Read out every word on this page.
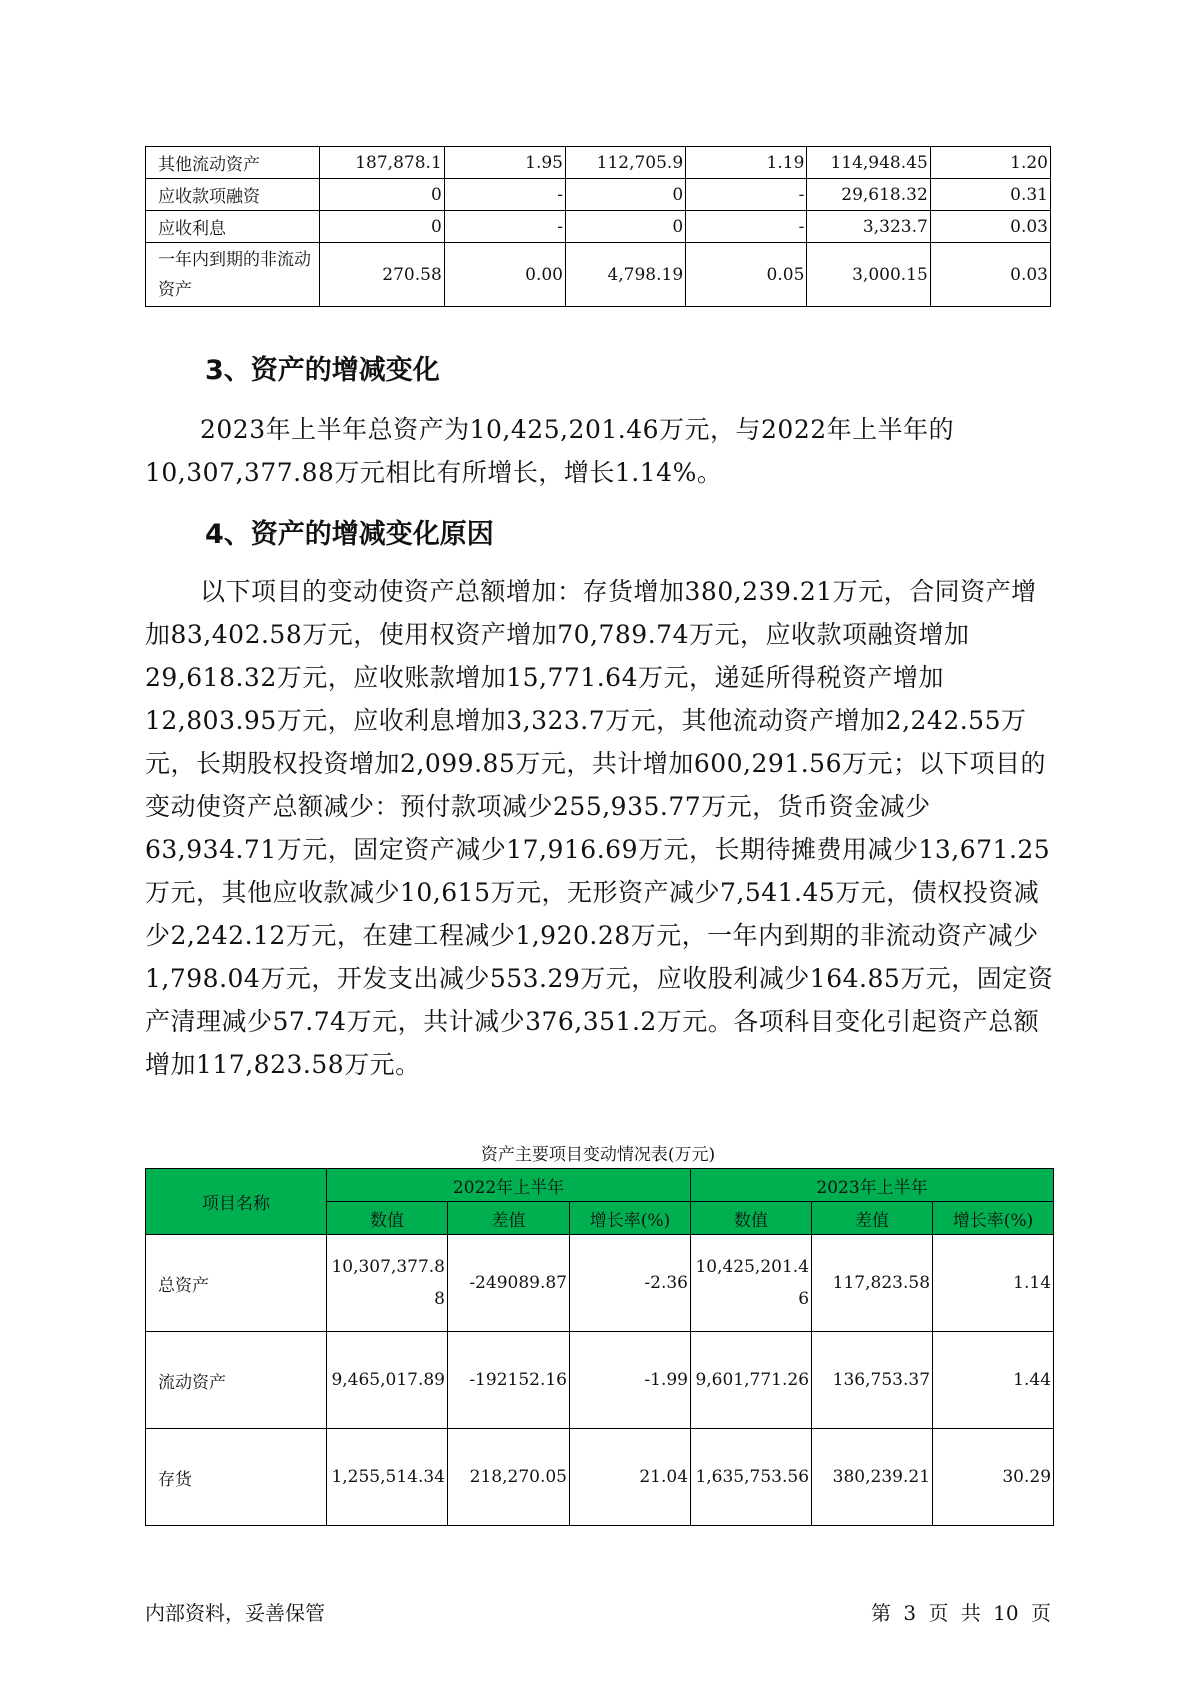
其他流动资产	187,878.1	1.95	112,705.9	1.19	114,948.45	1.20
应收款项融资	0	-	0	-	29,618.32	0.31
应收利息	0	-	0	-	3,323.7	0.03
一年内到期的非流动资产	270.58	0.00	4,798.19	0.05	3,000.15	0.03
3、资产的增减变化

2023年上半年总资产为10,425,201.46万元，与2022年上半年的10,307,377.88万元相比有所增长，增长1.14%。

4、资产的增减变化原因

以下项目的变动使资产总额增加：存货增加380,239.21万元，合同资产增加83,402.58万元，使用权资产增加70,789.74万元，应收款项融资增加29,618.32万元，应收账款增加15,771.64万元，递延所得税资产增加12,803.95万元，应收利息增加3,323.7万元，其他流动资产增加2,242.55万元，长期股权投资增加2,099.85万元，共计增加600,291.56万元；以下项目的变动使资产总额减少：预付款项减少255,935.77万元，货币资金减少63,934.71万元，固定资产减少17,916.69万元，长期待摊费用减少13,671.25万元，其他应收款减少10,615万元，无形资产减少7,541.45万元，债权投资减少2,242.12万元，在建工程减少1,920.28万元，一年内到期的非流动资产减少1,798.04万元，开发支出减少553.29万元，应收股利减少164.85万元，固定资产清理减少57.74万元，共计减少376,351.2万元。各项科目变化引起资产总额增加117,823.58万元。

资产主要项目变动情况表(万元)
项目名称	2022年上半年			2023年上半年		
	数值	差值	增长率(%)	数值	差值	增长率(%)
总资产	10,307,377.88	-249089.87	-2.36	10,425,201.46	117,823.58	1.14
流动资产	9,465,017.89	-192152.16	-1.99	9,601,771.26	136,753.37	1.44
存货	1,255,514.34	218,270.05	21.04	1,635,753.56	380,239.21	30.29
内部资料，妥善保管	第 3 页 共 10 页
